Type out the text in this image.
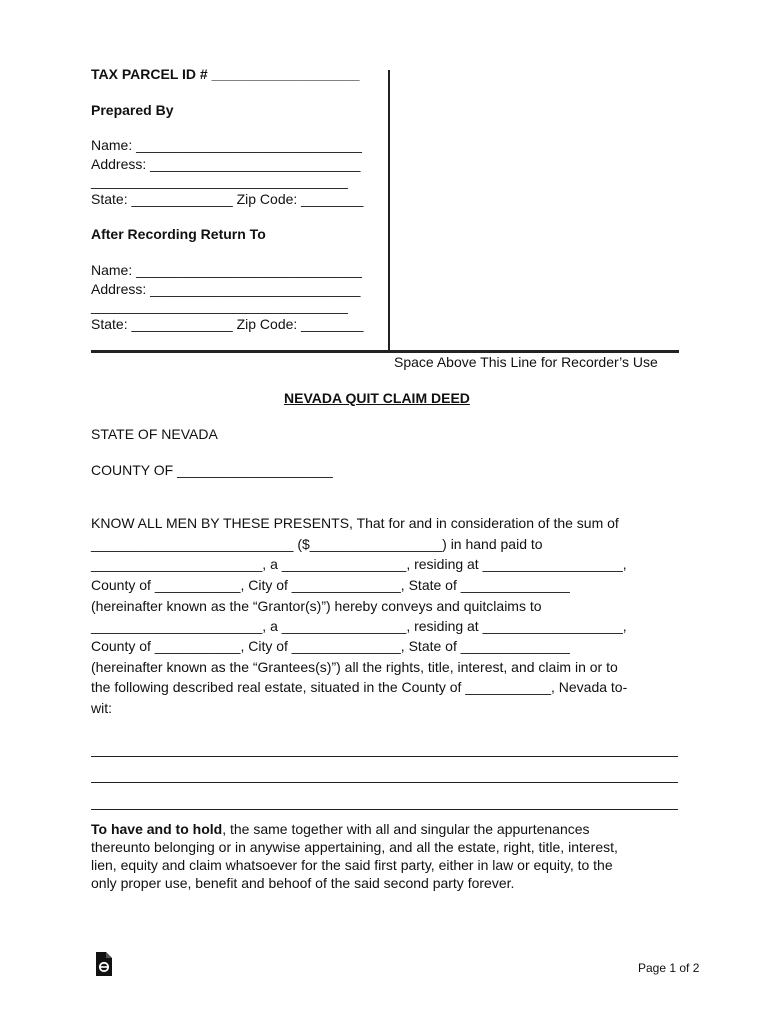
TAX PARCEL ID # ___________________
Prepared By
Name: _____________________________
Address: ___________________________
_________________________________
State: _____________ Zip Code: ________
After Recording Return To
Name: _____________________________
Address: ___________________________
_________________________________
State: _____________ Zip Code: ________
Space Above This Line for Recorder’s Use
NEVADA QUIT CLAIM DEED
STATE OF NEVADA
COUNTY OF ____________________
KNOW ALL MEN BY THESE PRESENTS, That for and in consideration of the sum of
__________________________ ($_________________) in hand paid to
______________________, a ________________, residing at __________________,
County of ___________, City of ______________, State of ______________
(hereinafter known as the “Grantor(s)”) hereby conveys and quitclaims to
______________________, a ________________, residing at __________________,
County of ___________, City of ______________, State of ______________
(hereinafter known as the “Grantees(s)”) all the rights, title, interest, and claim in or to
the following described real estate, situated in the County of ___________, Nevada to-
wit:
To have and to hold, the same together with all and singular the appurtenances
thereunto belonging or in anywise appertaining, and all the estate, right, title, interest,
lien, equity and claim whatsoever for the said first party, either in law or equity, to the
only proper use, benefit and behoof of the said second party forever.
Page 1 of 2
